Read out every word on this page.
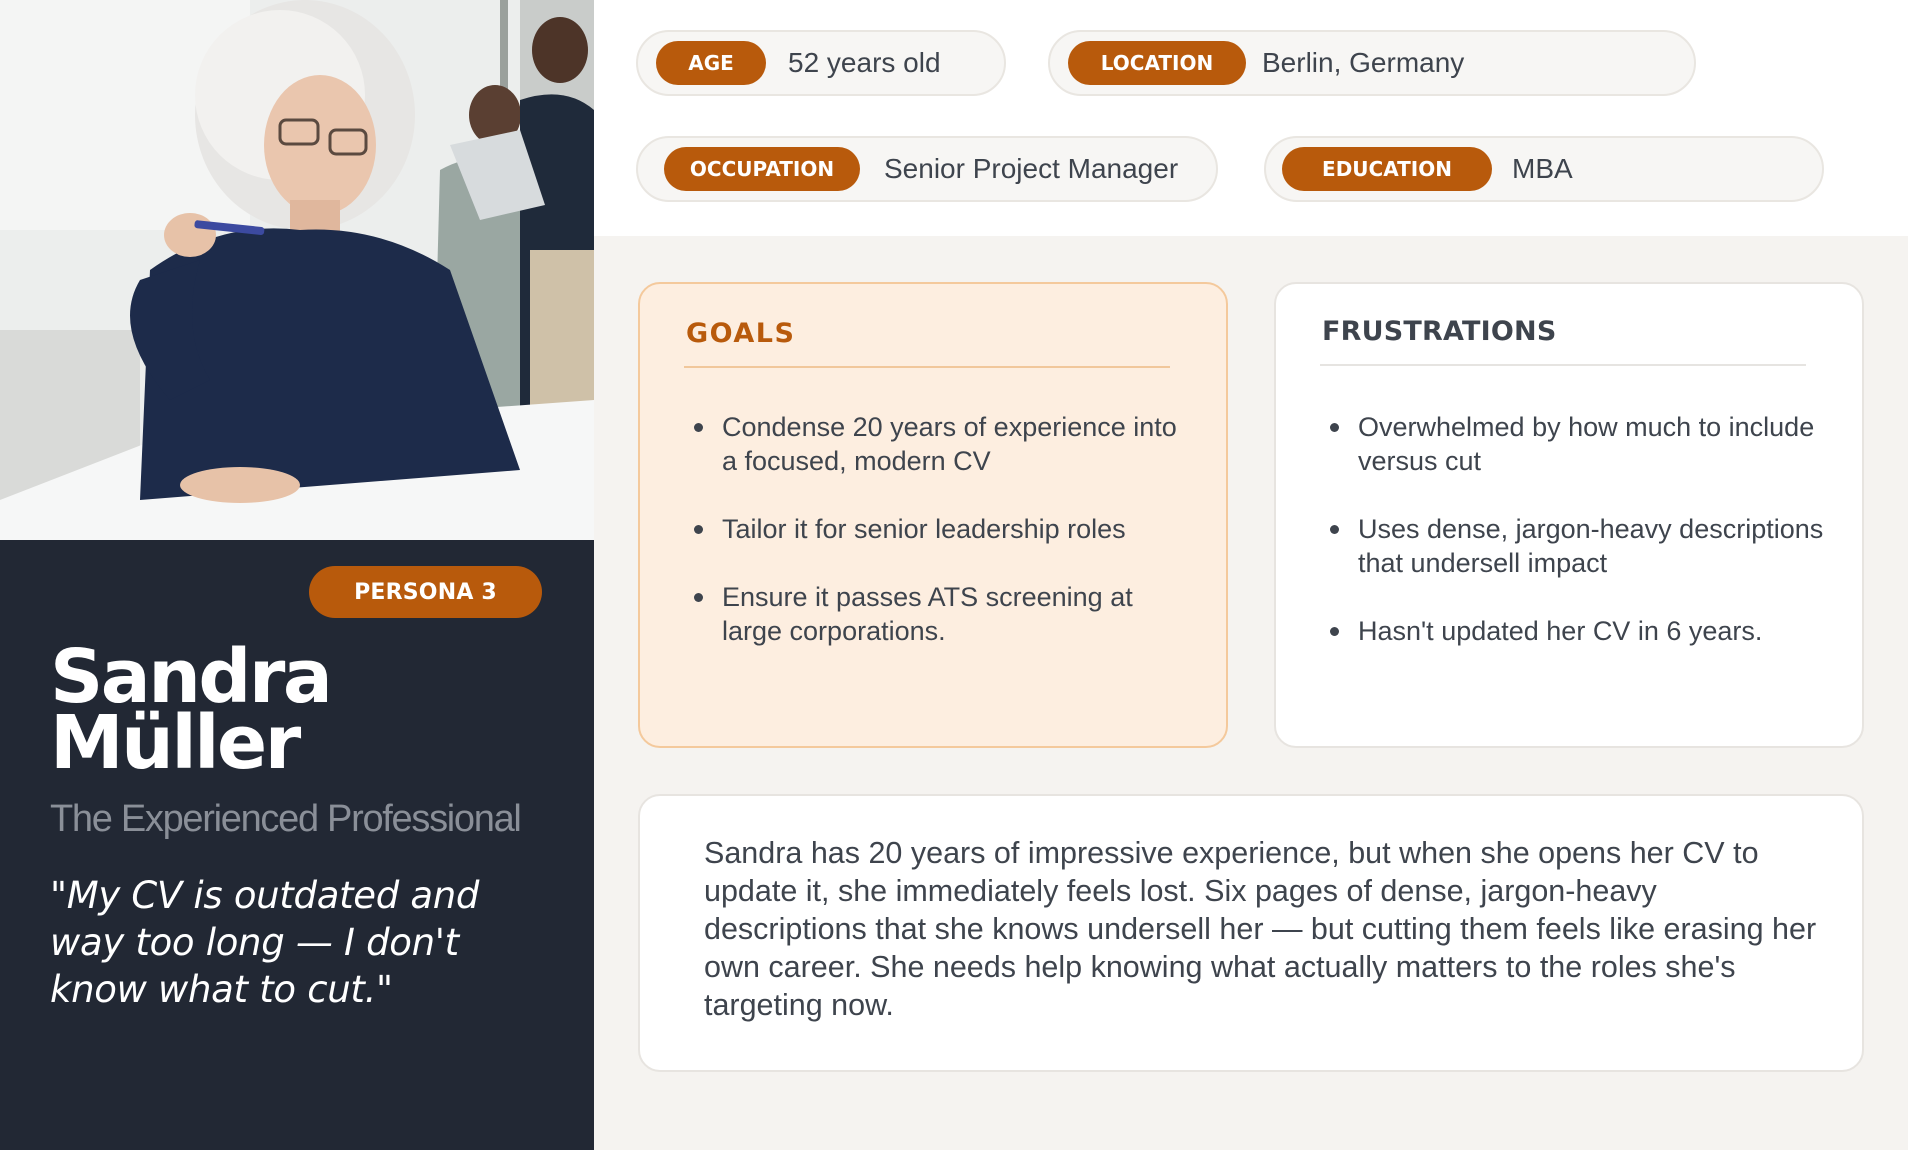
PERSONA 3
Sandra
Müller
The Experienced Professional
"My CV is outdated and way too long — I don't know what to cut."
AGE	52 years old	LOCATION	Berlin, Germany
OCCUPATION	Senior Project Manager	EDUCATION	MBA
GOALS
Condense 20 years of experience into a focused, modern CV
Tailor it for senior leadership roles
Ensure it passes ATS screening at large corporations.
FRUSTRATIONS
Overwhelmed by how much to include versus cut
Uses dense, jargon-heavy descriptions that undersell impact
Hasn't updated her CV in 6 years.
Sandra has 20 years of impressive experience, but when she opens her CV to update it, she immediately feels lost. Six pages of dense, jargon-heavy descriptions that she knows undersell her — but cutting them feels like erasing her own career. She needs help knowing what actually matters to the roles she's targeting now.
